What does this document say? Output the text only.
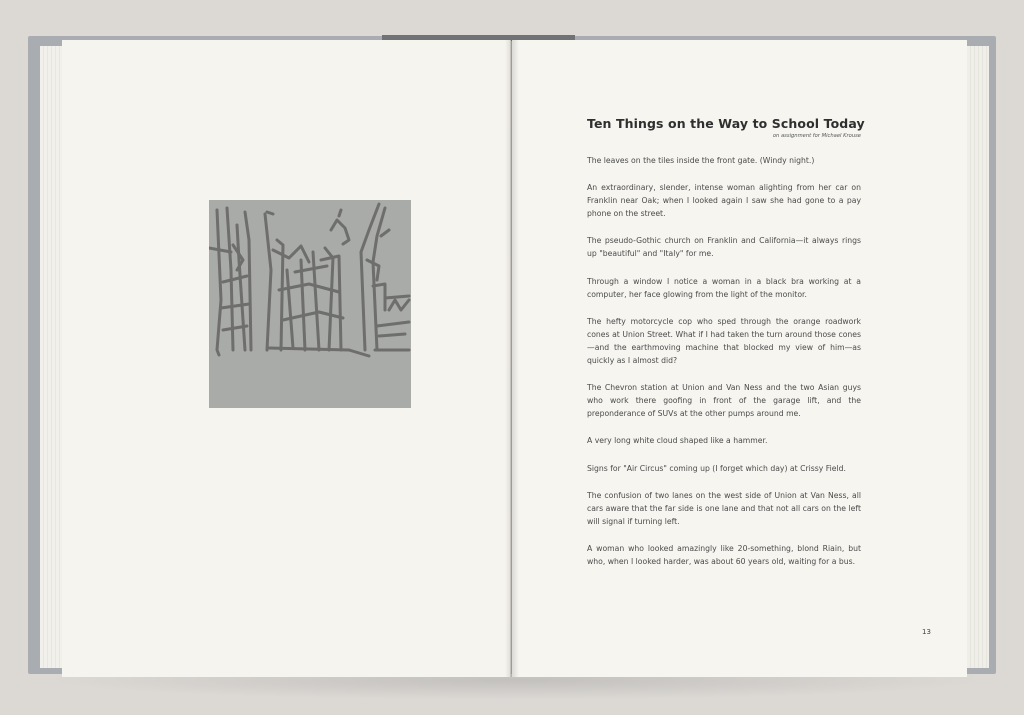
Ten Things on the Way to School Today
on assignment for Michael Krouse

The leaves on the tiles inside the front gate. (Windy night.)

An extraordinary, slender, intense woman alighting from her car on Franklin near Oak; when I looked again I saw she had gone to a pay phone on the street.

The pseudo-Gothic church on Franklin and California—it always rings up "beautiful" and "Italy" for me.

Through a window I notice a woman in a black bra working at a computer, her face glowing from the light of the monitor.

The hefty motorcycle cop who sped through the orange roadwork cones at Union Street. What if I had taken the turn around those cones—and the earthmoving machine that blocked my view of him—as quickly as I almost did?

The Chevron station at Union and Van Ness and the two Asian guys who work there goofing in front of the garage lift, and the preponderance of SUVs at the other pumps around me.

A very long white cloud shaped like a hammer.

Signs for "Air Circus" coming up (I forget which day) at Crissy Field.

The confusion of two lanes on the west side of Union at Van Ness, all cars aware that the far side is one lane and that not all cars on the left will signal if turning left.

A woman who looked amazingly like 20-something, blond Riain, but who, when I looked harder, was about 60 years old, waiting for a bus.

13
